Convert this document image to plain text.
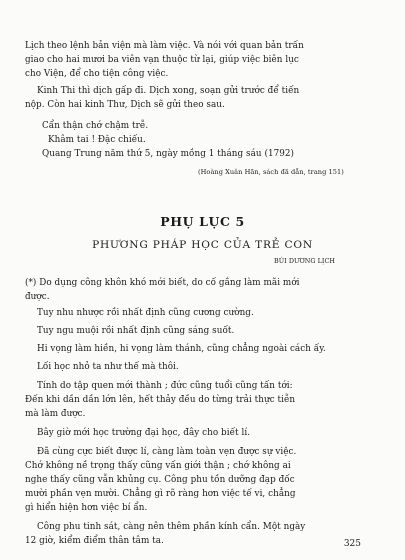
Lịch theo lệnh bản viện mà làm việc. Và nói với quan bản trấn
giao cho hai mươi ba viên vạn thuộc từ lại, giúp việc biên lục
cho Viện, để cho tiện công việc.
Kinh Thi thì dịch gấp đi. Dịch xong, soạn gửi trước để tiến
nộp. Còn hai kinh Thư, Dịch sẽ gửi theo sau.
Cẩn thận chớ chậm trễ.
Khâm tai ! Đặc chiếu.
Quang Trung năm thứ 5, ngày mồng 1 tháng sáu (1792)
(Hoàng Xuân Hãn, sách đã dẫn, trang 151)
PHỤ LỤC 5
PHƯƠNG PHÁP HỌC CỦA TRẺ CON
BÙI DƯƠNG LỊCH
(*) Do dụng công khôn khó mới biết, do cố gắng làm mãi mới
được.
Tuy nhu nhược rồi nhất định cũng cương cường.
Tuy ngu muội rồi nhất định cũng sáng suốt.
Hi vọng làm hiền, hi vọng làm thánh, cũng chẳng ngoài cách ấy.
Lối học nhỏ ta như thế mà thôi.
Tính do tập quen mới thành ; đức cũng tuổi cũng tấn tới:
Đến khi dần dần lớn lên, hết thảy đều do từng trải thực tiễn
mà làm được.
Bây giờ mới học trường đại học, đây cho biết lí.
Đã cùng cực biết được lí, càng làm toàn vẹn được sự việc.
Chớ không nề trọng thấy cũng vấn giới thận ; chớ không ai
nghe thấy cũng vẫn khủng cụ. Công phu tồn dưỡng đạp đốc
mười phần vẹn mười. Chẳng gì rõ ràng hơn việc tế vi, chẳng
gì hiển hiện hơn việc bí ẩn.
Công phu tinh sát, càng nên thêm phần kính cẩn. Một ngày
12 giờ, kiểm điểm thân tâm ta.	325
